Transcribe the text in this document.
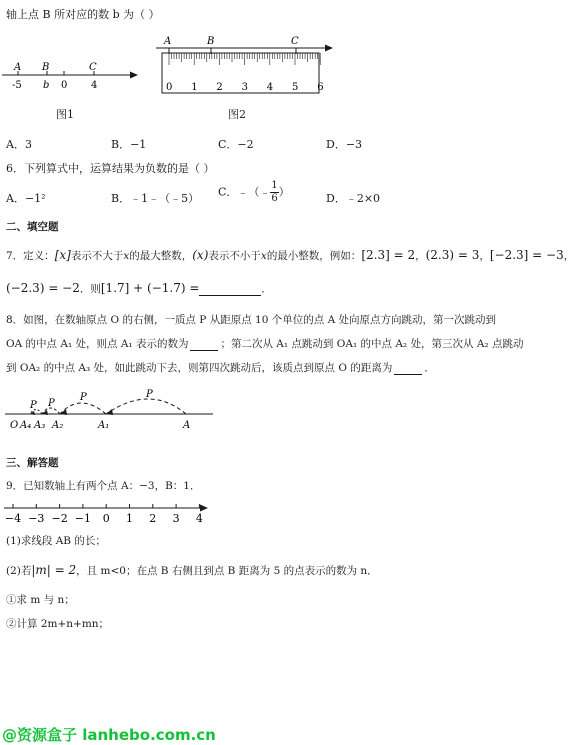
轴上点 B 所对应的数 b 为（ ）
A B	C
-5 b 0 4
图1
A	B	C
0 1 2 3 4 5 6
图2
A．3	B．−1	C．−2	D．−3
6．下列算式中，运算结果为负数的是（ ）
A．−1²	B．﹣1﹣（﹣5） C．﹣（﹣ $\frac{1}{6}$ ）	D．﹣2×0
二、填空题
7．定义：[x]表示不大于x的最大整数，(x)表示不小于x的最小整数，例如：[2.3] = 2，(2.3) = 3，[−2.3] = −3，
(−2.3) = −2．则[1.7] + (−1.7) =	．
8．如图，在数轴原点 O 的右侧，一质点 P 从距原点 10 个单位的点 A 处向原点方向跳动，第一次跳动到
OA 的中点 A₁ 处，则点 A₁ 表示的数为	；第二次从 A₁ 点跳动到 OA₁ 的中点 A₂ 处，第三次从 A₂ 点跳动
到 OA₂ 的中点 A₃ 处，如此跳动下去，则第四次跳动后，该质点到原点 O 的距离为	．
P
P
P
P
O A₄ A₃ A₂	A₁	A
三、解答题
9．已知数轴上有两个点 A：−3，B：1．
−4 −3 −2 −1 0 1 2 3 4
(1)求线段 AB 的长；
(2)若|m| = 2，且 m<0；在点 B 右侧且到点 B 距离为 5 的点表示的数为 n．
①求 m 与 n；
②计算 2m+n+mn；
@资源盒子 lanhebo.com.cn
